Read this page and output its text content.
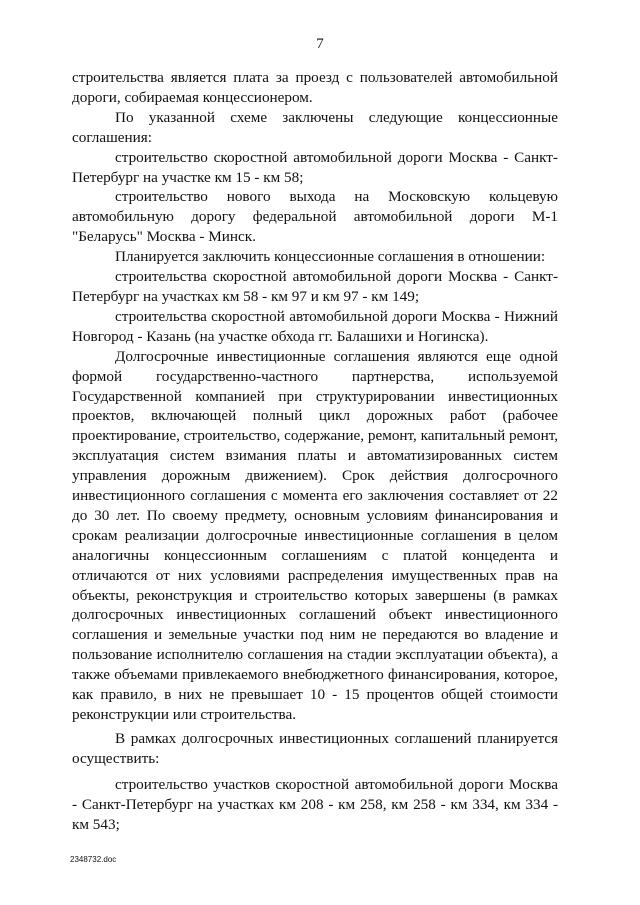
7

строительства является плата за проезд с пользователей автомобильной дороги, собираемая концессионером.

По указанной схеме заключены следующие концессионные соглашения:

строительство скоростной автомобильной дороги Москва - Санкт-Петербург на участке км 15 - км 58;

строительство нового выхода на Московскую кольцевую автомобильную дорогу федеральной автомобильной дороги М-1 "Беларусь" Москва - Минск.

Планируется заключить концессионные соглашения в отношении:

строительства скоростной автомобильной дороги Москва - Санкт-Петербург на участках км 58 - км 97 и км 97 - км 149;

строительства скоростной автомобильной дороги Москва - Нижний Новгород - Казань (на участке обхода гг. Балашихи и Ногинска).

Долгосрочные инвестиционные соглашения являются еще одной формой государственно-частного партнерства, используемой Государственной компанией при структурировании инвестиционных проектов, включающей полный цикл дорожных работ (рабочее проектирование, строительство, содержание, ремонт, капитальный ремонт, эксплуатация систем взимания платы и автоматизированных систем управления дорожным движением). Срок действия долгосрочного инвестиционного соглашения с момента его заключения составляет от 22 до 30 лет. По своему предмету, основным условиям финансирования и срокам реализации долгосрочные инвестиционные соглашения в целом аналогичны концессионным соглашениям с платой концедента и отличаются от них условиями распределения имущественных прав на объекты, реконструкция и строительство которых завершены (в рамках долгосрочных инвестиционных соглашений объект инвестиционного соглашения и земельные участки под ним не передаются во владение и пользование исполнителю соглашения на стадии эксплуатации объекта), а также объемами привлекаемого внебюджетного финансирования, которое, как правило, в них не превышает 10 - 15 процентов общей стоимости реконструкции или строительства.

В рамках долгосрочных инвестиционных соглашений планируется осуществить:

строительство участков скоростной автомобильной дороги Москва - Санкт-Петербург на участках км 208 - км 258, км 258 - км 334, км 334 - км 543;

2348732.doc
